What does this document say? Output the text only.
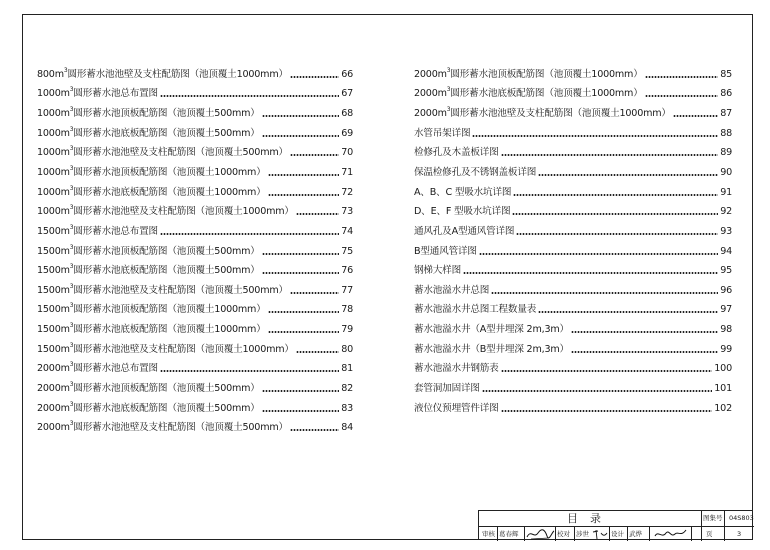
$800m^3$圆形蓄水池池壁及支柱配筋图（池顶覆土1000mm）	66
$1000m^3$圆形蓄水池总布置图	67
$1000m^3$圆形蓄水池顶板配筋图（池顶覆土500mm）	68
$1000m^3$圆形蓄水池底板配筋图（池顶覆土500mm）	69
$1000m^3$圆形蓄水池池壁及支柱配筋图（池顶覆土500mm）	70
$1000m^3$圆形蓄水池顶板配筋图（池顶覆土1000mm）	71
$1000m^3$圆形蓄水池底板配筋图（池顶覆土1000mm）	72
$1000m^3$圆形蓄水池池壁及支柱配筋图（池顶覆土1000mm）	73
$1500m^3$圆形蓄水池总布置图	74
$1500m^3$圆形蓄水池顶板配筋图（池顶覆土500mm）	75
$1500m^3$圆形蓄水池底板配筋图（池顶覆土500mm）	76
$1500m^3$圆形蓄水池池壁及支柱配筋图（池顶覆土500mm）	77
$1500m^3$圆形蓄水池顶板配筋图（池顶覆土1000mm）	78
$1500m^3$圆形蓄水池底板配筋图（池顶覆土1000mm）	79
$1500m^3$圆形蓄水池池壁及支柱配筋图（池顶覆土1000mm）	80
$2000m^3$圆形蓄水池总布置图	81
$2000m^3$圆形蓄水池顶板配筋图（池顶覆土500mm）	82
$2000m^3$圆形蓄水池底板配筋图（池顶覆土500mm）	83
$2000m^3$圆形蓄水池池壁及支柱配筋图（池顶覆土500mm）	84
$2000m^3$圆形蓄水池顶板配筋图（池顶覆土1000mm）	85
$2000m^3$圆形蓄水池底板配筋图（池顶覆土1000mm）	86
$2000m^3$圆形蓄水池池壁及支柱配筋图（池顶覆土1000mm）	87
水管吊架详图	88
检修孔及木盖板详图	89
保温检修孔及不锈钢盖板详图	90
A、B、C 型吸水坑详图	91
D、E、F 型吸水坑详图	92
通风孔及A型通风管详图	93
B型通风管详图	94
钢梯大样图	95
蓄水池溢水井总图	96
蓄水池溢水井总图工程数量表	97
蓄水池溢水井（A型井埋深 2m,3m）	98
蓄水池溢水井（B型井埋深 2m,3m）	99
蓄水池溢水井钢筋表	100
套管洞加固详图	101
液位仪预埋管件详图	102
目录	图集号 04S803
审核 葛春辉	校对 涉世	设计 武烨	页	3
